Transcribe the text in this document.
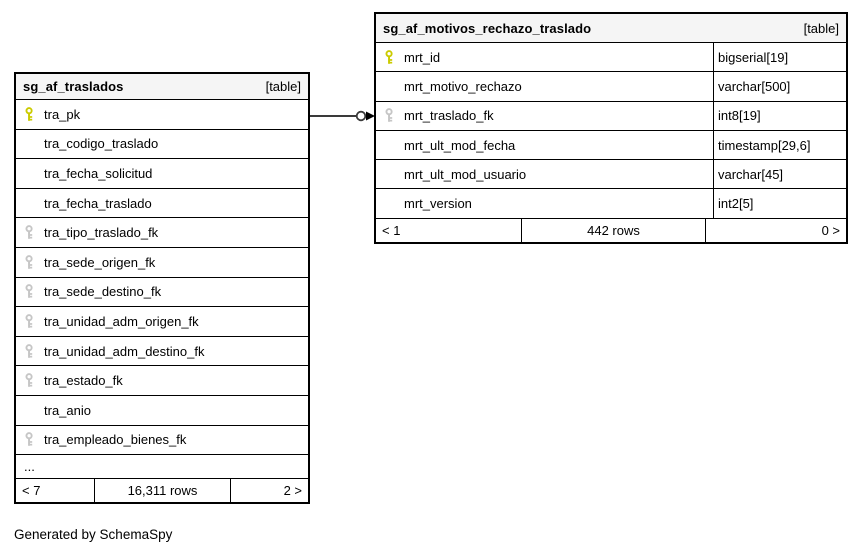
sg_af_traslados	[table]
tra_pk
tra_codigo_traslado
tra_fecha_solicitud
tra_fecha_traslado
tra_tipo_traslado_fk
tra_sede_origen_fk
tra_sede_destino_fk
tra_unidad_adm_origen_fk
tra_unidad_adm_destino_fk
tra_estado_fk
tra_anio
tra_empleado_bienes_fk
...
< 7	16,311 rows	2 >
sg_af_motivos_rechazo_traslado	[table]
mrt_id	bigserial[19]
mrt_motivo_rechazo	varchar[500]
mrt_traslado_fk	int8[19]
mrt_ult_mod_fecha	timestamp[29,6]
mrt_ult_mod_usuario	varchar[45]
mrt_version	int2[5]
< 1	442 rows	0 >
Generated by SchemaSpy
